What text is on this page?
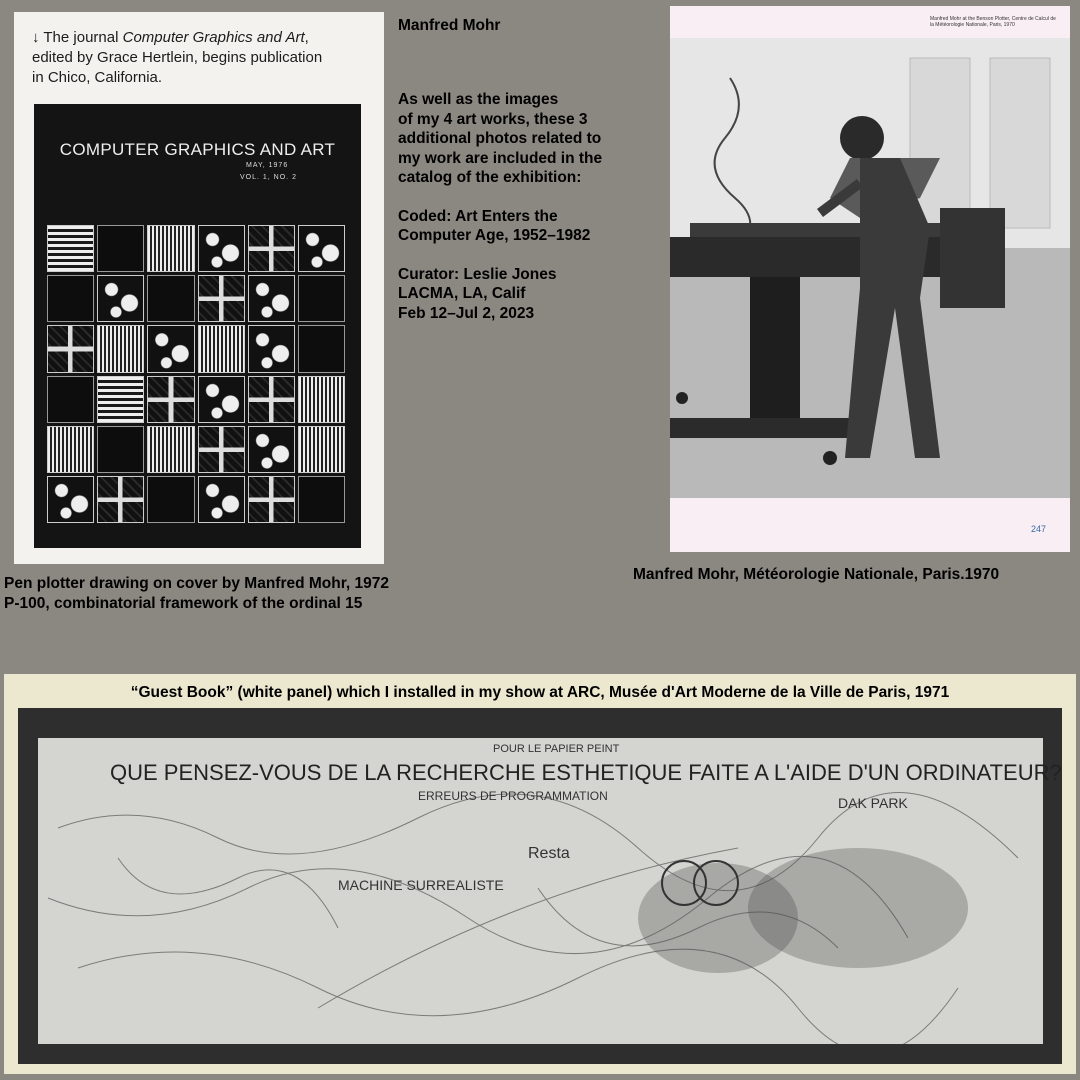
↓ The journal Computer Graphics and Art,

edited by Grace Hertlein, begins publication

in Chico, California.

COMPUTER GRAPHICS AND ART
MAY, 1976
VOL. 1, NO. 2
Manfred Mohr

As well as the images
of my 4 art works, these 3
additional photos related to
my work are included in the
catalog of the exhibition:

Coded: Art Enters the
Computer Age, 1952–1982

Curator: Leslie Jones
LACMA, LA, Calif
Feb 12–Jul 2, 2023

Pen plotter drawing on cover by Manfred Mohr, 1972
P-100, combinatorial framework of the ordinal 15
Manfred Mohr at the Benson Plotter, Centre de Calcul de la Météorologie Nationale, Paris, 1970
247
Manfred Mohr, Météorologie Nationale, Paris.1970
“Guest Book” (white panel) which I installed in my show at ARC, Musée d'Art Moderne de la Ville de Paris, 1971
QUE PENSEZ-VOUS DE LA RECHERCHE ESTHETIQUE FAITE A L'AIDE D'UN ORDINATEUR?
POUR LE PAPIER PEINT
MACHINE SURREALISTE
ERREURS DE PROGRAMMATION	DAK PARK
Resta
